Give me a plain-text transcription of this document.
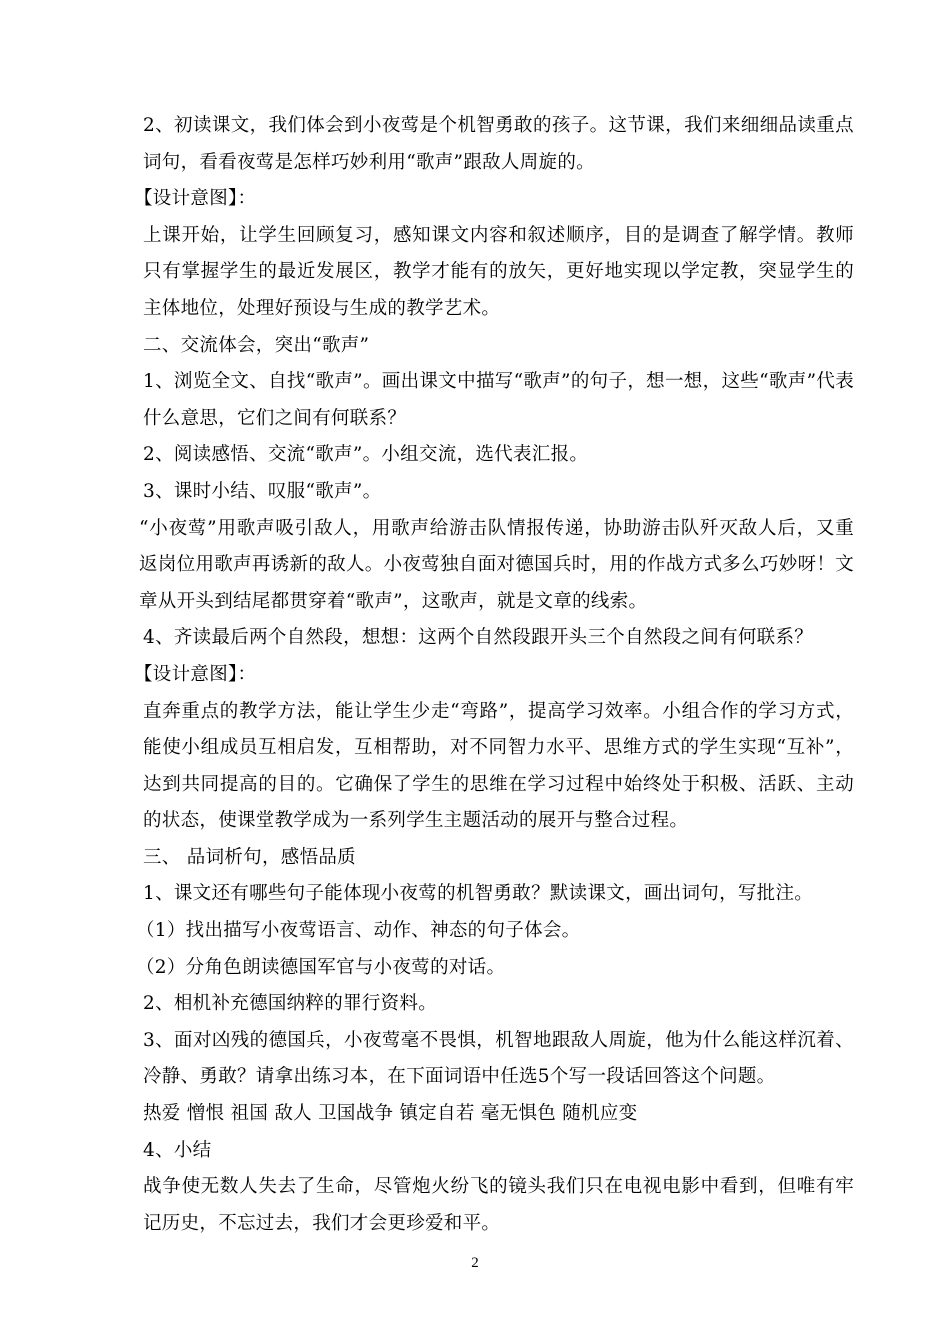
2、初读课文，我们体会到小夜莺是个机智勇敢的孩子。这节课，我们来细细品读重点词句，看看夜莺是怎样巧妙利用“歌声”跟敌人周旋的。

【设计意图】：

上课开始，让学生回顾复习，感知课文内容和叙述顺序，目的是调查了解学情。教师只有掌握学生的最近发展区，教学才能有的放矢，更好地实现以学定教，突显学生的主体地位，处理好预设与生成的教学艺术。

二、交流体会，突出“歌声”

1、浏览全文、自找“歌声”。画出课文中描写“歌声”的句子，想一想，这些“歌声”代表什么意思，它们之间有何联系？

2、阅读感悟、交流“歌声”。小组交流，选代表汇报。

3、课时小结、叹服“歌声”。

“小夜莺”用歌声吸引敌人，用歌声给游击队情报传递，协助游击队歼灭敌人后，又重返岗位用歌声再诱新的敌人。小夜莺独自面对德国兵时，用的作战方式多么巧妙呀！文章从开头到结尾都贯穿着“歌声”，这歌声，就是文章的线索。

4、齐读最后两个自然段，想想：这两个自然段跟开头三个自然段之间有何联系？

【设计意图】：

直奔重点的教学方法，能让学生少走“弯路”，提高学习效率。小组合作的学习方式，能使小组成员互相启发，互相帮助，对不同智力水平、思维方式的学生实现“互补”，达到共同提高的目的。它确保了学生的思维在学习过程中始终处于积极、活跃、主动的状态，使课堂教学成为一系列学生主题活动的展开与整合过程。

三、 品词析句，感悟品质

1、课文还有哪些句子能体现小夜莺的机智勇敢？默读课文，画出词句，写批注。

（1）找出描写小夜莺语言、动作、神态的句子体会。

（2）分角色朗读德国军官与小夜莺的对话。

2、相机补充德国纳粹的罪行资料。

3、面对凶残的德国兵，小夜莺毫不畏惧，机智地跟敌人周旋，他为什么能这样沉着、冷静、勇敢？请拿出练习本，在下面词语中任选5个写一段话回答这个问题。

热爱 憎恨 祖国 敌人 卫国战争 镇定自若 毫无惧色 随机应变

4、小结

战争使无数人失去了生命，尽管炮火纷飞的镜头我们只在电视电影中看到，但唯有牢记历史，不忘过去，我们才会更珍爱和平。

2
